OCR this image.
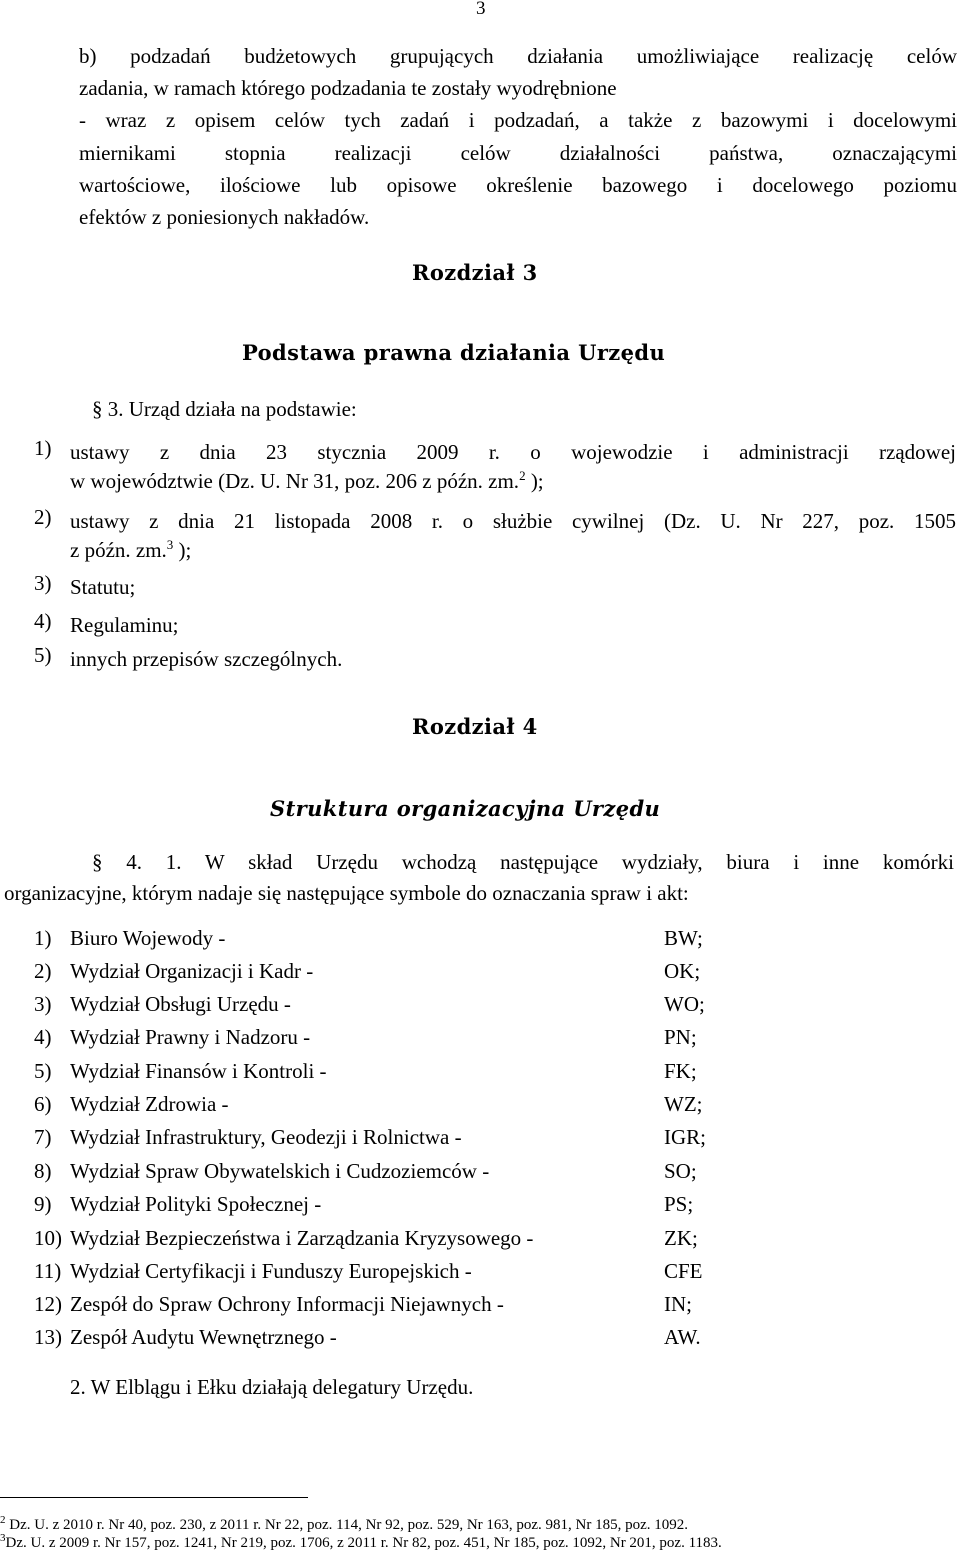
3
b) podzadań budżetowych grupujących działania umożliwiające realizację celów
zadania, w ramach którego podzadania te zostały wyodrębnione
- wraz z opisem celów tych zadań i podzadań, a także z bazowymi i docelowymi
miernikami stopnia realizacji celów działalności państwa, oznaczającymi
wartościowe, ilościowe lub opisowe określenie bazowego i docelowego poziomu
efektów z poniesionych nakładów.
Rozdział 3
Podstawa prawna działania Urzędu
§ 3. Urząd działa na podstawie:
1) ustawy z dnia 23 stycznia 2009 r. o wojewodzie i administracji rządowej
w województwie (Dz. U. Nr 31, poz. 206 z późn. zm.$^2$ );
2) ustawy z dnia 21 listopada 2008 r. o służbie cywilnej (Dz. U. Nr 227, poz. 1505
z późn. zm.$^3$ );
3) Statutu;
4) Regulaminu;
5) innych przepisów szczególnych.
Rozdział 4
Struktura organizacyjna Urzędu
§ 4. 1. W skład Urzędu wchodzą następujące wydziały, biura i inne komórki
organizacyjne, którym nadaje się następujące symbole do oznaczania spraw i akt:
1) Biuro Wojewody -	BW;
2) Wydział Organizacji i Kadr -	OK;
3) Wydział Obsługi Urzędu -	WO;
4) Wydział Prawny i Nadzoru -	PN;
5) Wydział Finansów i Kontroli -	FK;
6) Wydział Zdrowia -	WZ;
7) Wydział Infrastruktury, Geodezji i Rolnictwa -	IGR;
8) Wydział Spraw Obywatelskich i Cudzoziemców -	SO;
9) Wydział Polityki Społecznej -	PS;
10) Wydział Bezpieczeństwa i Zarządzania Kryzysowego -	ZK;
11) Wydział Certyfikacji i Funduszy Europejskich -	CFE
12) Zespół do Spraw Ochrony Informacji Niejawnych -	IN;
13) Zespół Audytu Wewnętrznego -	AW.
2. W Elblągu i Ełku działają delegatury Urzędu.
$^2$ Dz. U. z 2010 r. Nr 40, poz. 230, z 2011 r. Nr 22, poz. 114, Nr 92, poz. 529, Nr 163, poz. 981, Nr 185, poz. 1092.
$^3$Dz. U. z 2009 r. Nr 157, poz. 1241, Nr 219, poz. 1706, z 2011 r. Nr 82, poz. 451, Nr 185, poz. 1092, Nr 201, poz. 1183.
